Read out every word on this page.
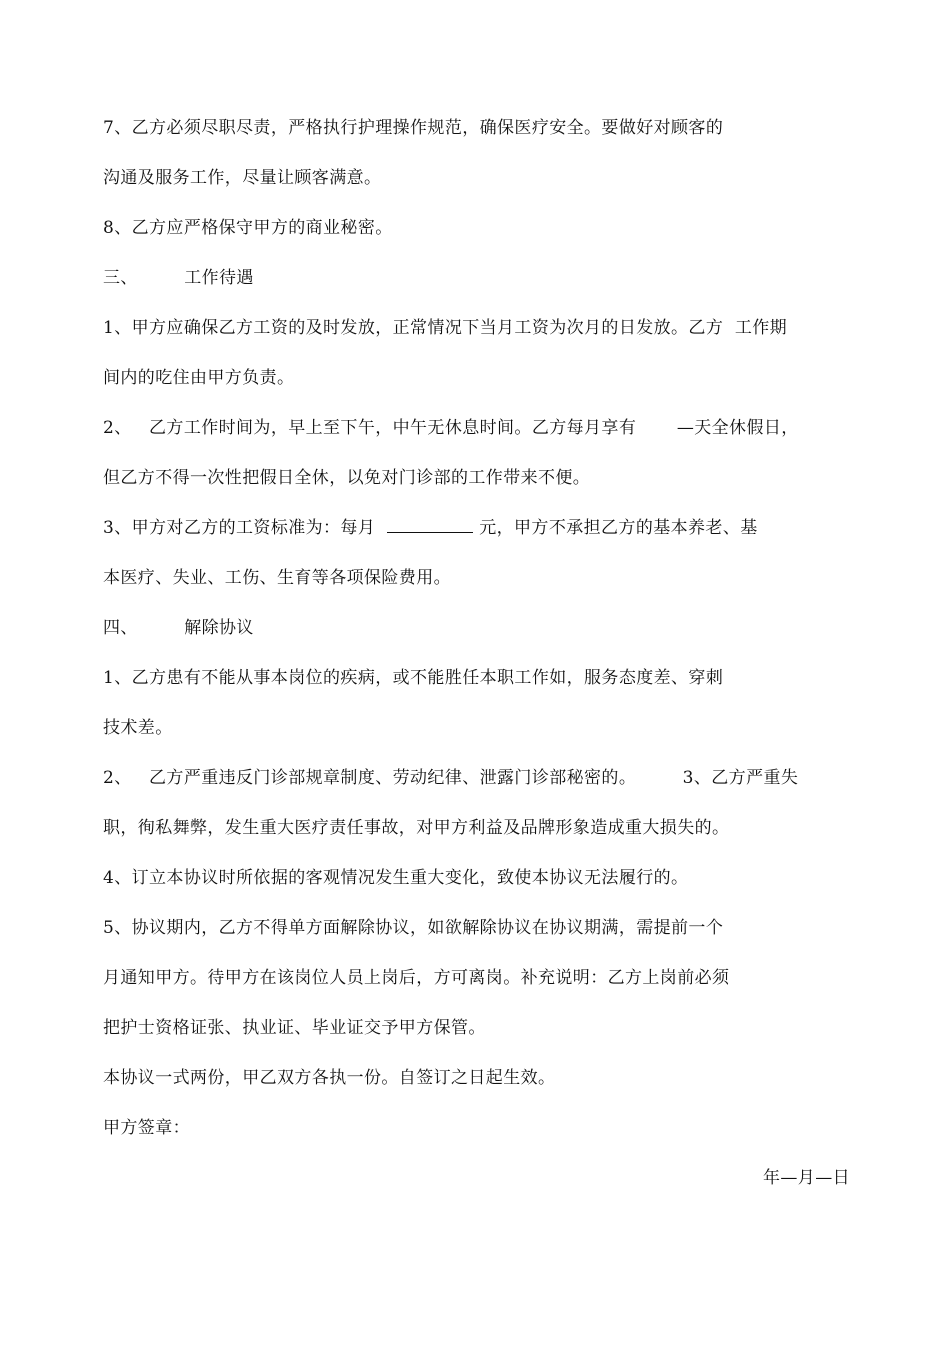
7、乙方必须尽职尽责，严格执行护理操作规范，确保医疗安全。要做好对顾客的
沟通及服务工作，尽量让顾客满意。
8、乙方应严格保守甲方的商业秘密。
三、        工作待遇
1、甲方应确保乙方工资的及时发放，正常情况下当月工资为次月的日发放。乙方  工作期
间内的吃住由甲方负责。
2、   乙方工作时间为，早上至下午，中午无休息时间。乙方每月享有       —天全休假日，
但乙方不得一次性把假日全休，以免对门诊部的工作带来不便。
3、甲方对乙方的工资标准为：每月	元，甲方不承担乙方的基本养老、基
本医疗、失业、工伤、生育等各项保险费用。
四、        解除协议
1、乙方患有不能从事本岗位的疾病，或不能胜任本职工作如，服务态度差、穿刺
技术差。
2、   乙方严重违反门诊部规章制度、劳动纪律、泄露门诊部秘密的。        3、乙方严重失
职，徇私舞弊，发生重大医疗责任事故，对甲方利益及品牌形象造成重大损失的。
4、订立本协议时所依据的客观情况发生重大变化，致使本协议无法履行的。
5、协议期内，乙方不得单方面解除协议，如欲解除协议在协议期满，需提前一个
月通知甲方。待甲方在该岗位人员上岗后，方可离岗。补充说明：乙方上岗前必须
把护士资格证张、执业证、毕业证交予甲方保管。
本协议一式两份，甲乙双方各执一份。自签订之日起生效。
甲方签章：
年—月—日
